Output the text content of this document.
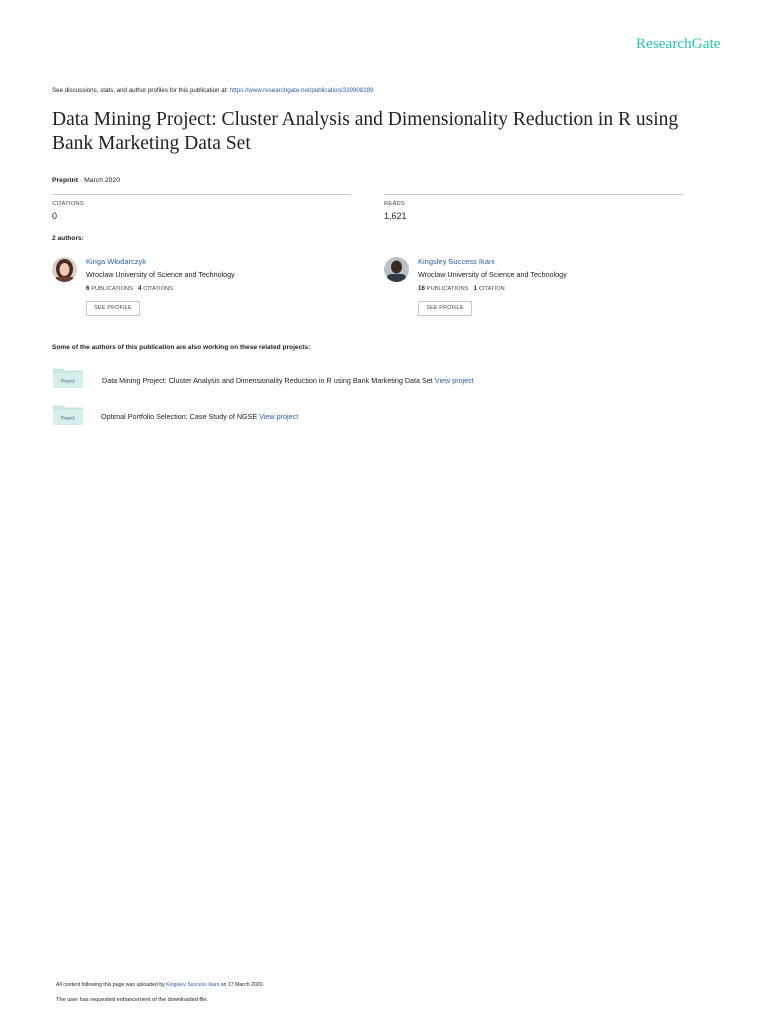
ResearchGate
See discussions, stats, and author profiles for this publication at: https://www.researchgate.net/publication/339908189
Data Mining Project: Cluster Analysis and Dimensionality Reduction in R using Bank Marketing Data Set
Preprint · March 2020
CITATIONS
0
READS
1,621
2 authors:
Kinga Włodarczyk
Wroclaw University of Science and Technology
6 PUBLICATIONS 4 CITATIONS
SEE PROFILE
Kingsley Success Ikani
Wroclaw University of Science and Technology
16 PUBLICATIONS 1 CITATION
SEE PROFILE
Some of the authors of this publication are also working on these related projects:
Project	Data Mining Project: Cluster Analysis and Dimensionality Reduction in R using Bank Marketing Data Set View project
Project	Optimal Portfolio Selection: Case Study of NGSE View project
All content following this page was uploaded by Kingsley Success Ikani on 17 March 2020.
The user has requested enhancement of the downloaded file.
